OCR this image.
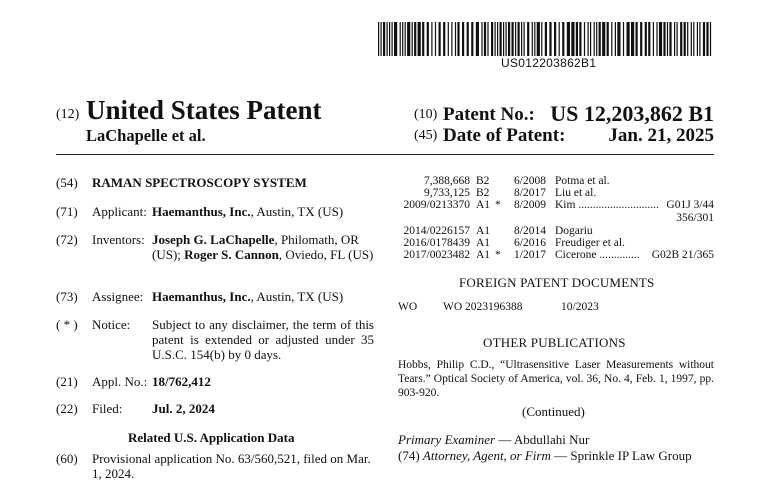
US012203862B1
(12) United States Patent
LaChapelle et al.
(10) Patent No.: US 12,203,862 B1
(45) Date of Patent: Jan. 21, 2025
(54) RAMAN SPECTROSCOPY SYSTEM
(71) Applicant: Haemanthus, Inc., Austin, TX (US)
(72) Inventors: Joseph G. LaChapelle, Philomath, OR (US); Roger S. Cannon, Oviedo, FL (US)
(73) Assignee: Haemanthus, Inc., Austin, TX (US)
( * ) Notice: Subject to any disclaimer, the term of this patent is extended or adjusted under 35 U.S.C. 154(b) by 0 days.
(21) Appl. No.: 18/762,412
(22) Filed: Jul. 2, 2024
Related U.S. Application Data
(60) Provisional application No. 63/560,521, filed on Mar. 1, 2024.
7,388,668 B2 6/2008 Potma et al.
9,733,125 B2 8/2017 Liu et al.
2009/0213370 A1 * 8/2009 Kim ............................ G01J 3/44
356/301
2014/0226157 A1 8/2014 Dogariu
2016/0178439 A1 6/2016 Freudiger et al.
2017/0023482 A1 * 1/2017 Cicerone .............. G02B 21/365
FOREIGN PATENT DOCUMENTS
WO WO 2023196388	10/2023
OTHER PUBLICATIONS
Hobbs, Philip C.D., “Ultrasensitive Laser Measurements without Tears.” Optical Society of America, vol. 36, No. 4, Feb. 1, 1997, pp. 903-920.
(Continued)
Primary Examiner — Abdullahi Nur
(74) Attorney, Agent, or Firm — Sprinkle IP Law Group
